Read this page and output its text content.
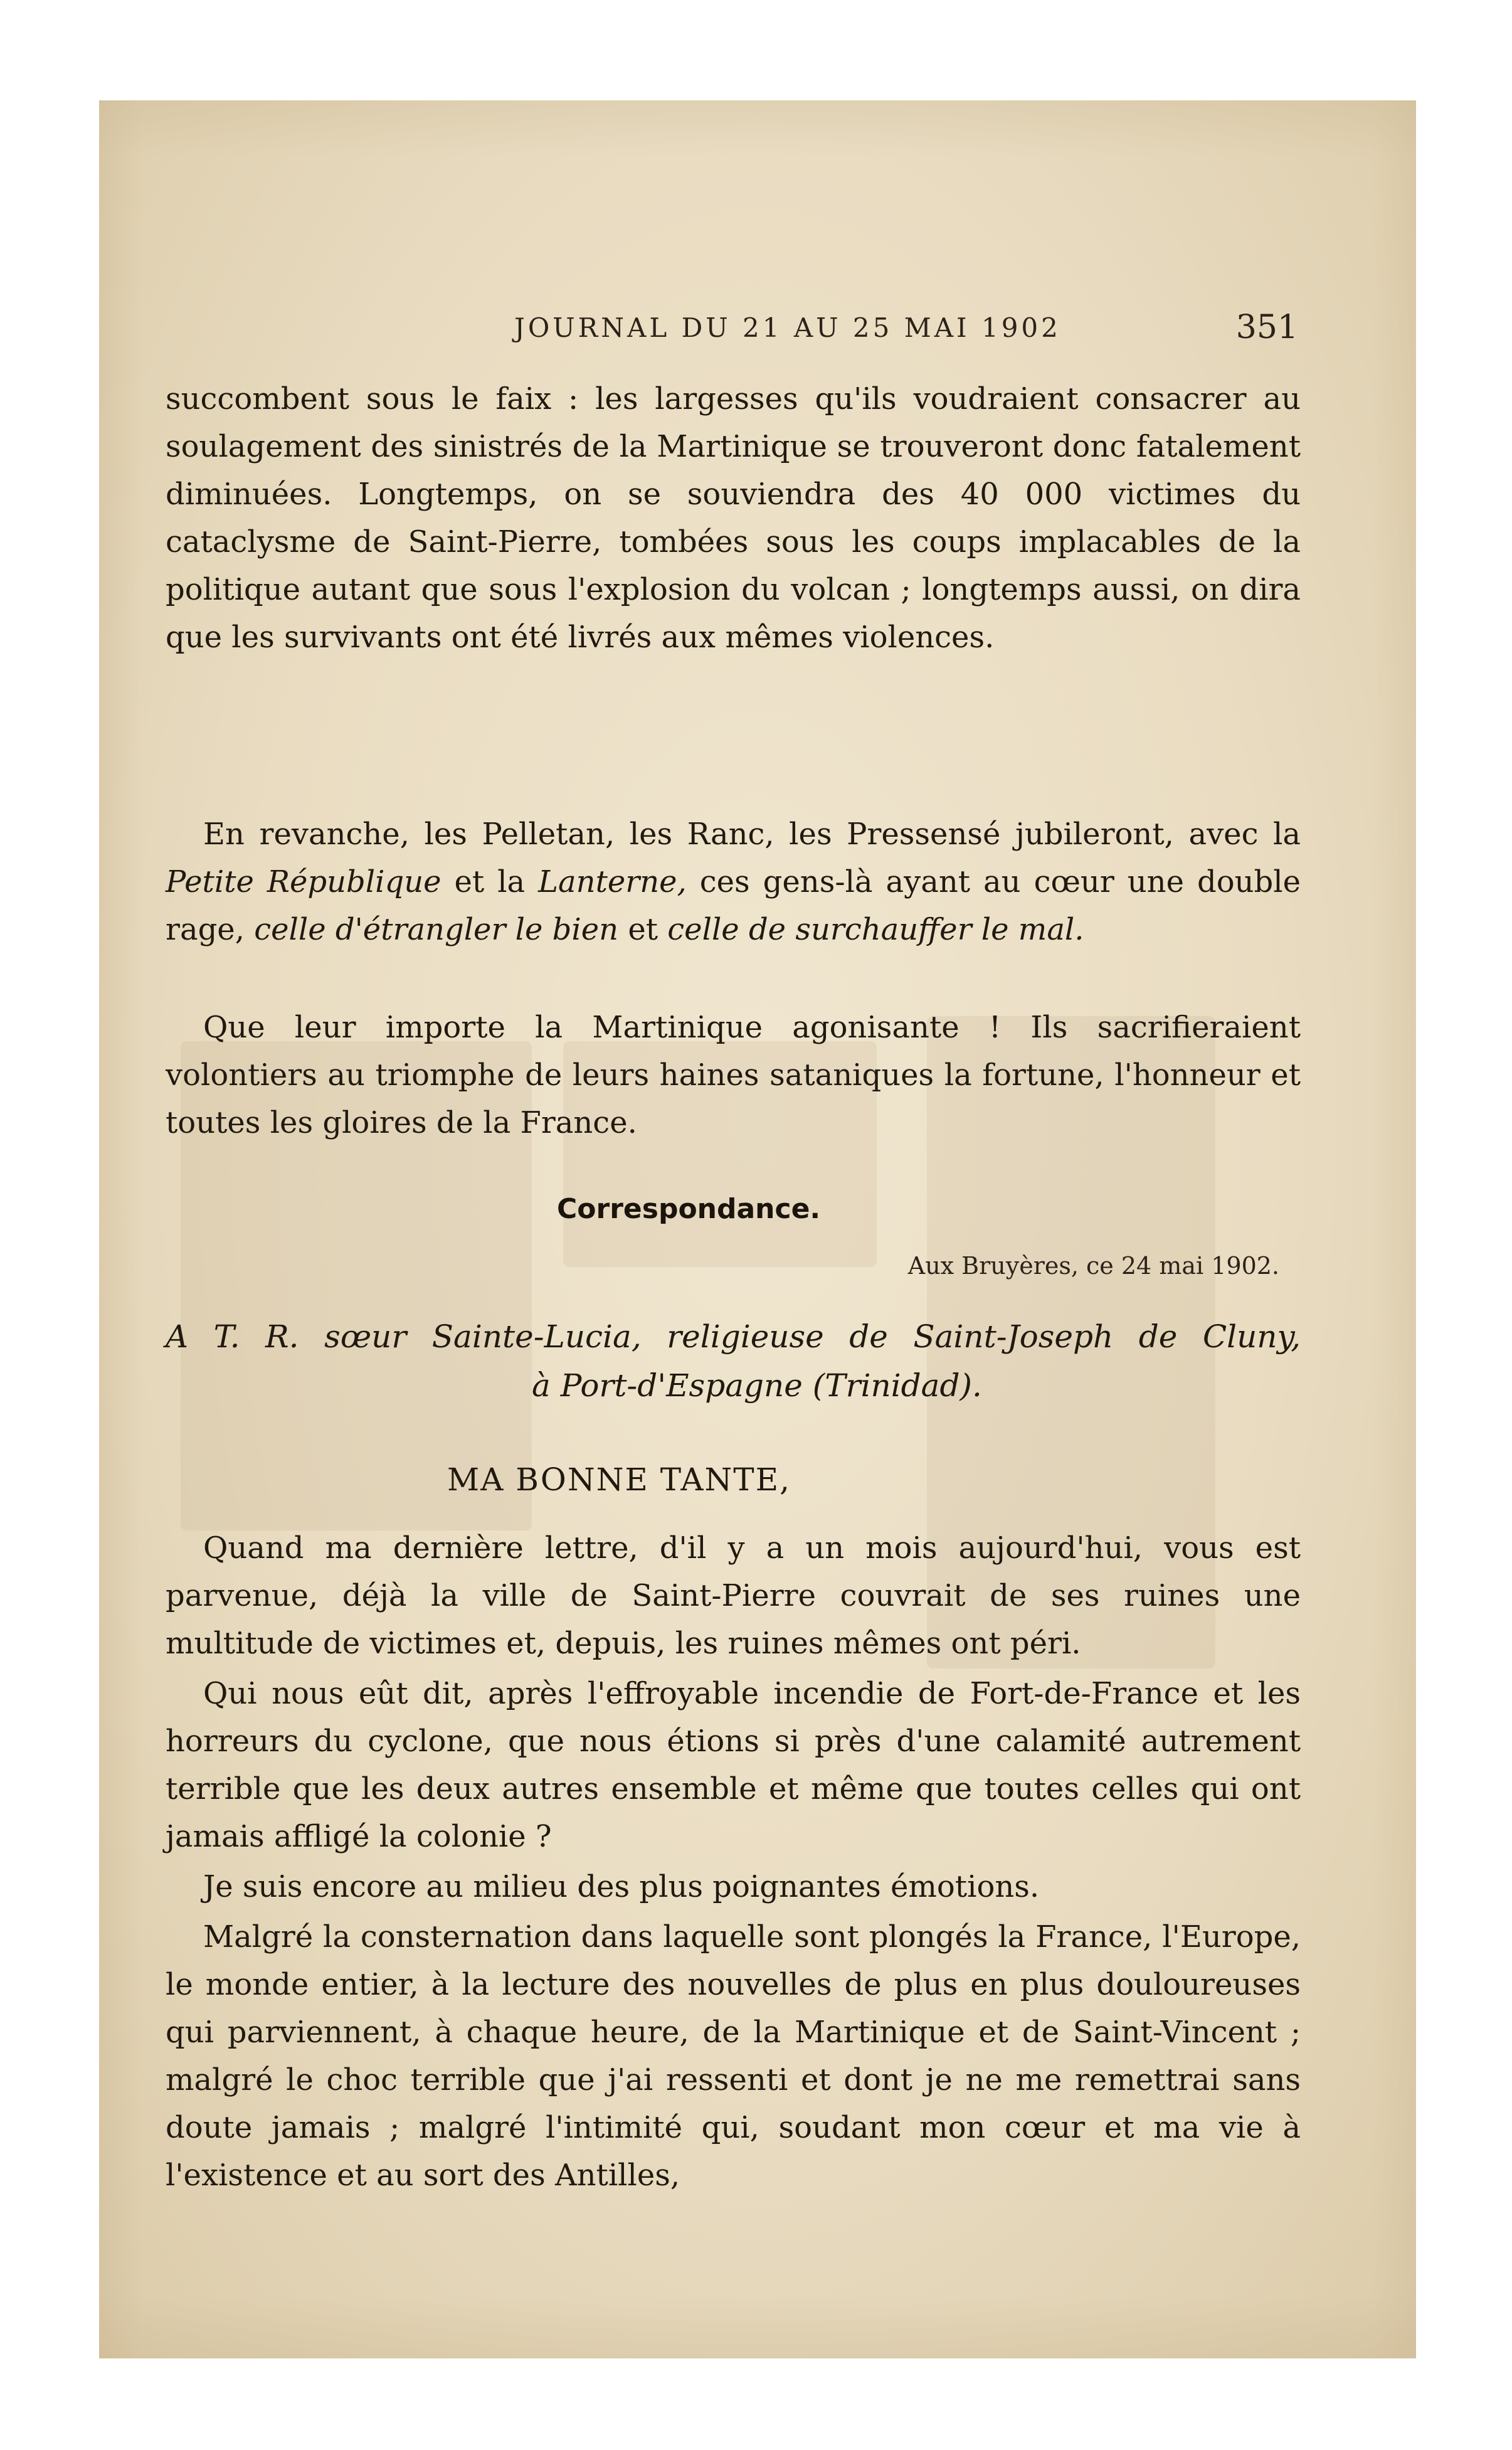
JOURNAL DU 21 AU 25 MAI 1902	351

succombent sous le faix : les largesses qu'ils voudraient consacrer au soulagement des sinistrés de la Martinique se trouveront donc fatalement diminuées. Longtemps, on se souviendra des 40 000 victimes du cataclysme de Saint-Pierre, tombées sous les coups implacables de la politique autant que sous l'explosion du volcan ; longtemps aussi, on dira que les survivants ont été livrés aux mêmes violences.

En revanche, les Pelletan, les Ranc, les Pressensé jubileront, avec la Petite République et la Lanterne, ces gens-là ayant au cœur une double rage, celle d'étrangler le bien et celle de surchauffer le mal.

Que leur importe la Martinique agonisante ! Ils sacrifieraient volontiers au triomphe de leurs haines sataniques la fortune, l'honneur et toutes les gloires de la France.

Correspondance.
Aux Bruyères, ce 24 mai 1902.
A T. R. sœur Sainte-Lucia, religieuse de Saint-Joseph de Cluny,
à Port-d'Espagne (Trinidad).
MA BONNE TANTE,

Quand ma dernière lettre, d'il y a un mois aujourd'hui, vous est parvenue, déjà la ville de Saint-Pierre couvrait de ses ruines une multitude de victimes et, depuis, les ruines mêmes ont péri.

Qui nous eût dit, après l'effroyable incendie de Fort-de-France et les horreurs du cyclone, que nous étions si près d'une calamité autrement terrible que les deux autres ensemble et même que toutes celles qui ont jamais affligé la colonie ?

Je suis encore au milieu des plus poignantes émotions.

Malgré la consternation dans laquelle sont plongés la France, l'Europe, le monde entier, à la lecture des nouvelles de plus en plus douloureuses qui parviennent, à chaque heure, de la Martinique et de Saint-Vincent ; malgré le choc terrible que j'ai ressenti et dont je ne me remettrai sans doute jamais ; malgré l'intimité qui, soudant mon cœur et ma vie à l'existence et au sort des Antilles,
